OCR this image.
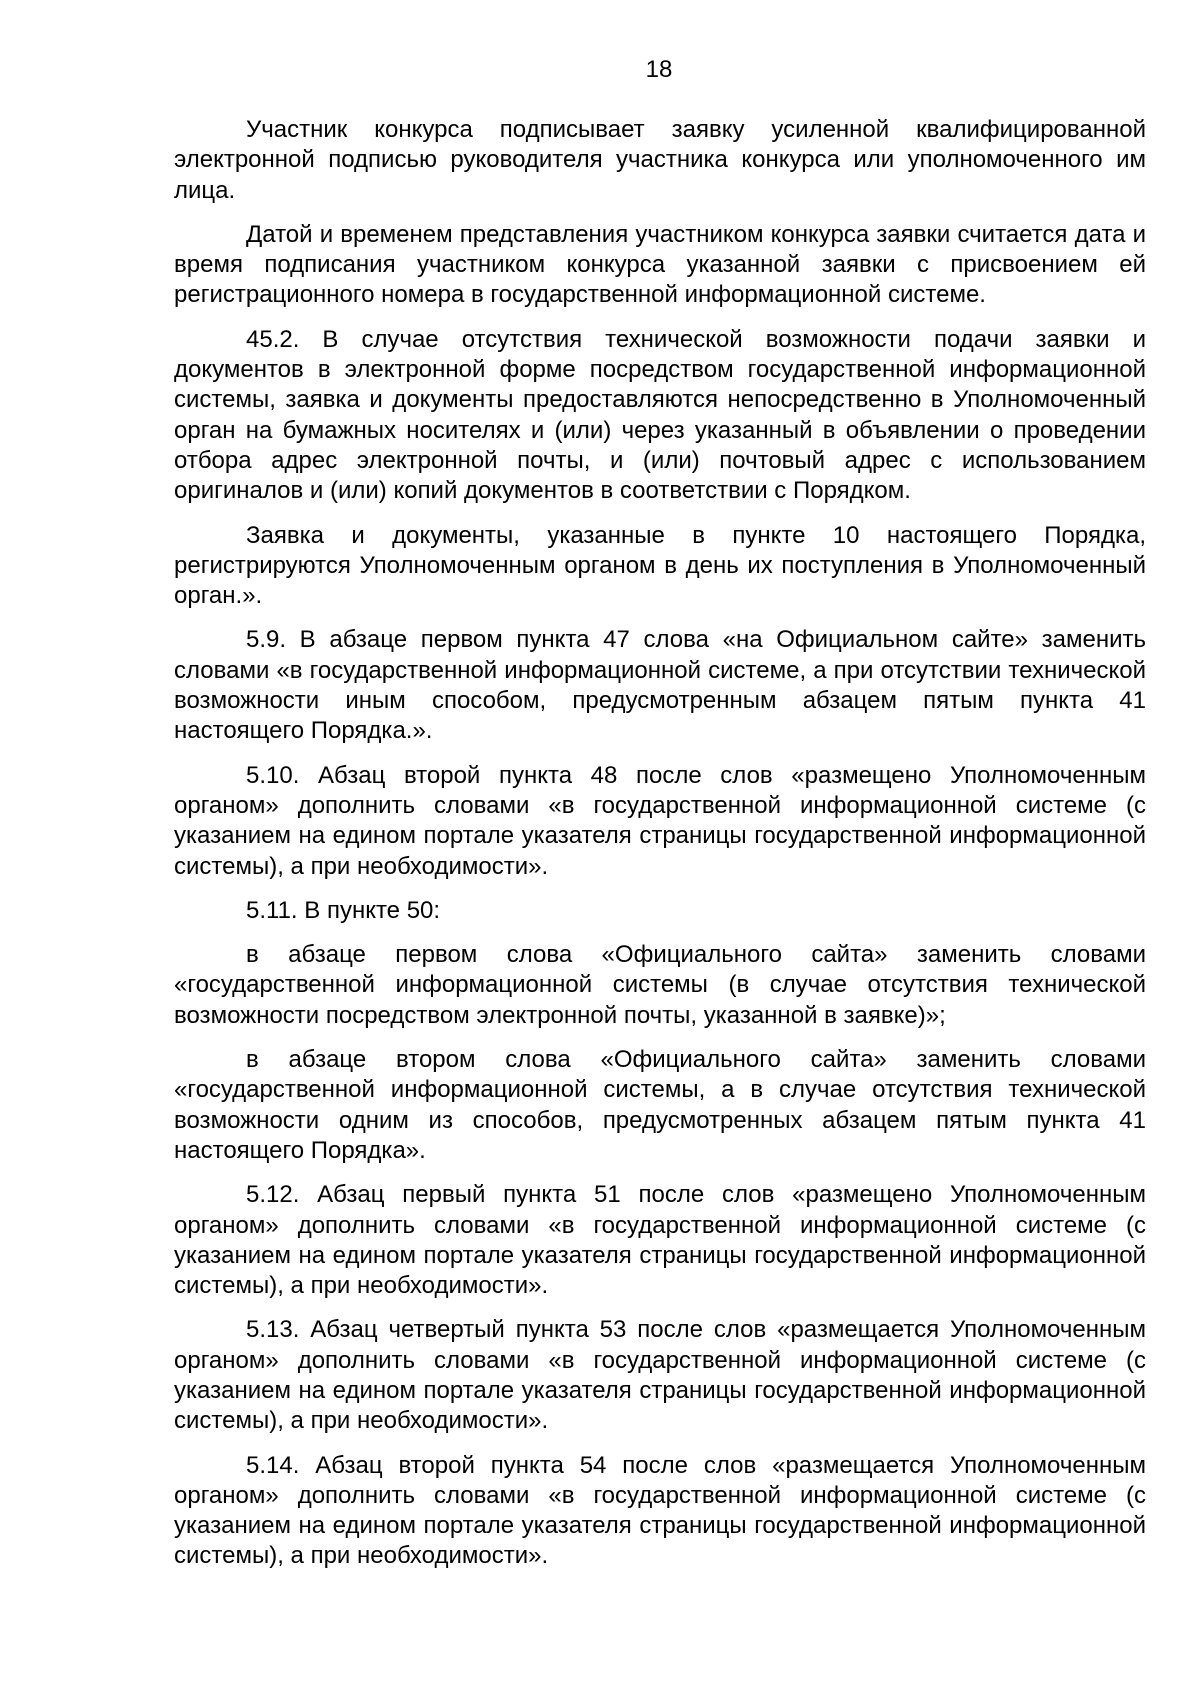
18

Участник конкурса подписывает заявку усиленной квалифицированной электронной подписью руководителя участника конкурса или уполномоченного им лица.

Датой и временем представления участником конкурса заявки считается дата и время подписания участником конкурса указанной заявки с присвоением ей регистрационного номера в государственной информационной системе.

45.2. В случае отсутствия технической возможности подачи заявки и документов в электронной форме посредством государственной информационной системы, заявка и документы предоставляются непосредственно в Уполномоченный орган на бумажных носителях и (или) через указанный в объявлении о проведении отбора адрес электронной почты, и (или) почтовый адрес с использованием оригиналов и (или) копий документов в соответствии с Порядком.

Заявка и документы, указанные в пункте 10 настоящего Порядка, регистрируются Уполномоченным органом в день их поступления в Уполномоченный орган.».

5.9. В абзаце первом пункта 47 слова «на Официальном сайте» заменить словами «в государственной информационной системе, а при отсутствии технической возможности иным способом, предусмотренным абзацем пятым пункта 41 настоящего Порядка.».

5.10. Абзац второй пункта 48 после слов «размещено Уполномоченным органом» дополнить словами «в государственной информационной системе (с указанием на едином портале указателя страницы государственной информационной системы), а при необходимости».

5.11. В пункте 50:

в абзаце первом слова «Официального сайта» заменить словами «государственной информационной системы (в случае отсутствия технической возможности посредством электронной почты, указанной в заявке)»;

в абзаце втором слова «Официального сайта» заменить словами «государственной информационной системы, а в случае отсутствия технической возможности одним из способов, предусмотренных абзацем пятым пункта 41 настоящего Порядка».

5.12. Абзац первый пункта 51 после слов «размещено Уполномоченным органом» дополнить словами «в государственной информационной системе (с указанием на едином портале указателя страницы государственной информационной системы), а при необходимости».

5.13. Абзац четвертый пункта 53 после слов «размещается Уполномоченным органом» дополнить словами «в государственной информационной системе (с указанием на едином портале указателя страницы государственной информационной системы), а при необходимости».

5.14. Абзац второй пункта 54 после слов «размещается Уполномоченным органом» дополнить словами «в государственной информационной системе (с указанием на едином портале указателя страницы государственной информационной системы), а при необходимости».
